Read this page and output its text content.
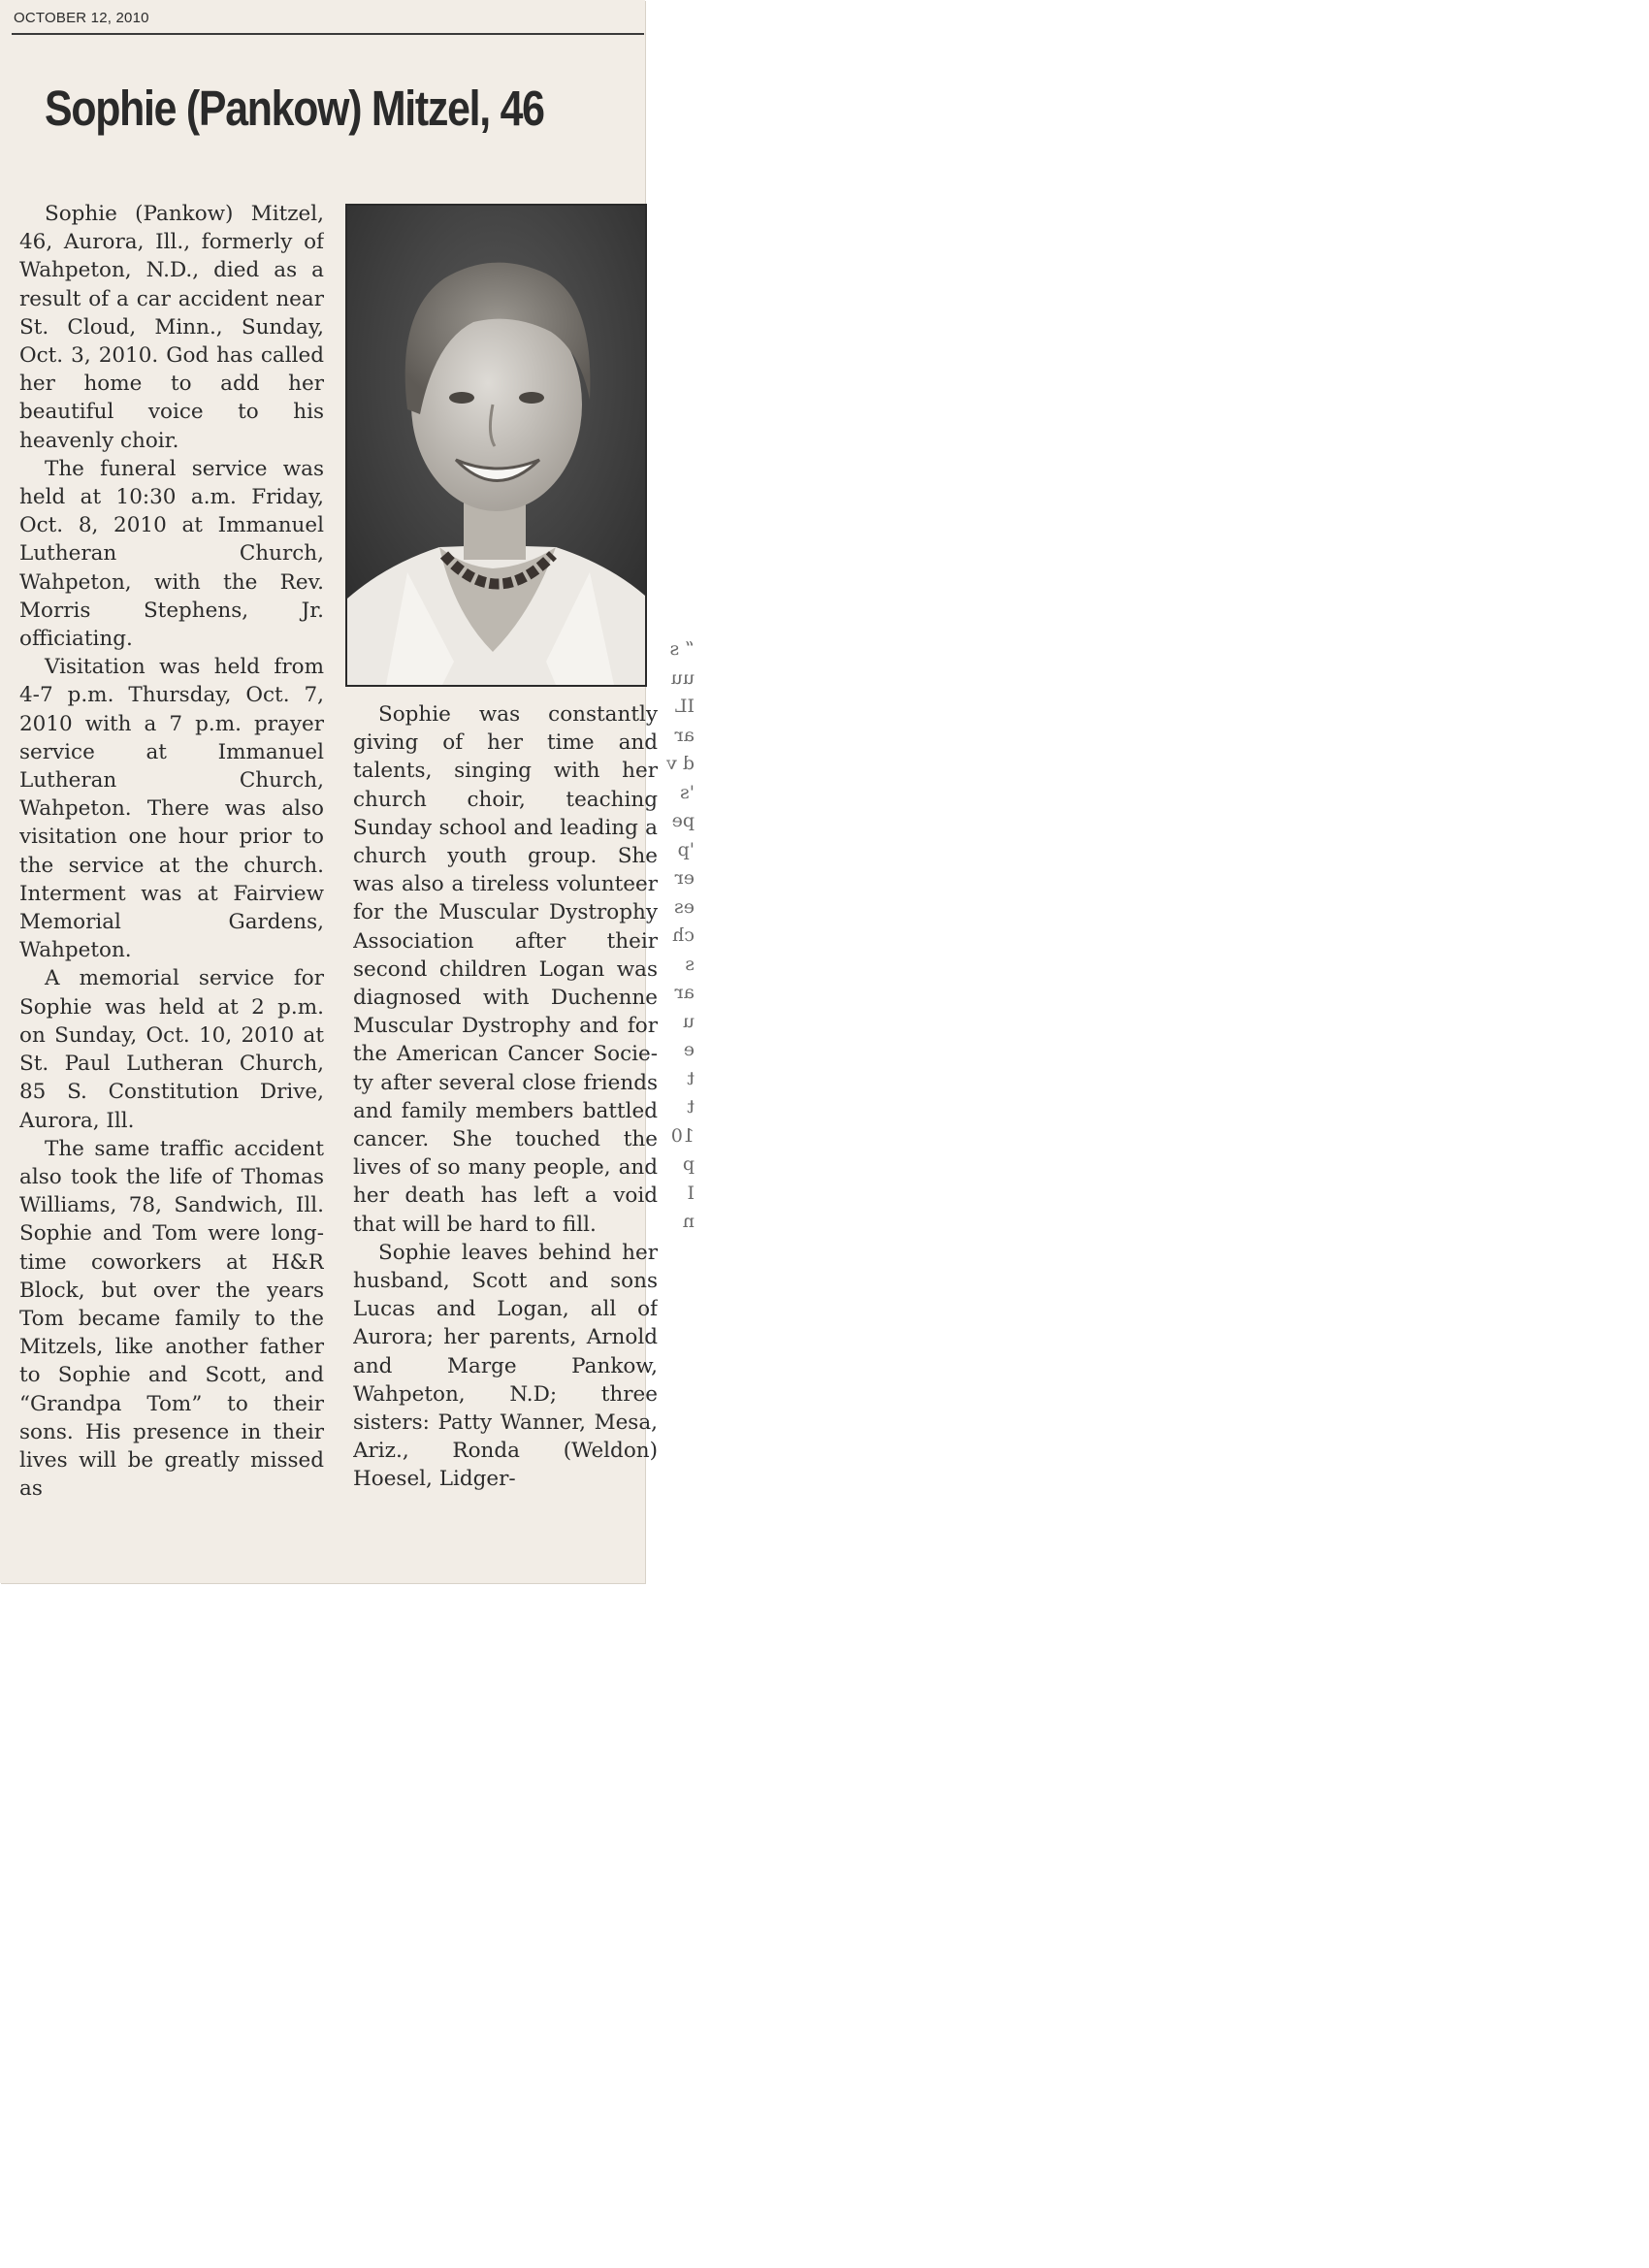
OCTOBER 12, 2010
Sophie (Pankow) Mitzel, 46

Sophie (Pankow) Mitzel, 46, Aurora, Ill., formerly of Wahpeton, N.D., died as a result of a car accident near St. Cloud, Minn., Sunday, Oct. 3, 2010. God has called her home to add her beautiful voice to his heavenly choir.

The funeral service was held at 10:30 a.m. Friday, Oct. 8, 2010 at Immanuel Lutheran Church, Wahpeton, with the Rev. Morris Stephens, Jr. officiating.

Visitation was held from 4-7 p.m. Thursday, Oct. 7, 2010 with a 7 p.m. prayer service at Immanuel Lutheran Church, Wahpeton. There was also visitation one hour prior to the service at the church. Interment was at Fairview Memorial Gardens, Wahpeton.

A memorial service for Sophie was held at 2 p.m. on Sunday, Oct. 10, 2010 at St. Paul Lutheran Church, 85 S. Constitution Drive, Aurora, Ill.

The same traffic accident also took the life of Thomas Williams, 78, Sandwich, Ill. Sophie and Tom were long-time coworkers at H&R Block, but over the years Tom became family to the Mitzels, like another father to Sophie and Scott, and “Grandpa Tom” to their sons. His presence in their lives will be greatly missed as

Sophie was constantly giving of her time and talents, singing with her church choir, teaching Sunday school and leading a church youth group. She was also a tireless volunteer for the Muscular Dystrophy Association after their second children Logan was diagnosed with Duchenne Muscular Dystrophy and for the American Cancer Society after several close friends and family members battled cancer. She touched the lives of so many people, and her death has left a void that will be hard to fill.

Sophie leaves behind her husband, Scott and sons Lucas and Logan, all of Aurora; her parents, Arnold and Marge Pankow, Wahpeton, N.D; three sisters: Patty Wanner, Mesa, Ariz., Ronda (Weldon) Hoesel, Lidger-

“ s
uu
IL
ar
d v
's
pe
'p
er
es
ch
s
ar
u
e
t
t
10
p
I
n
